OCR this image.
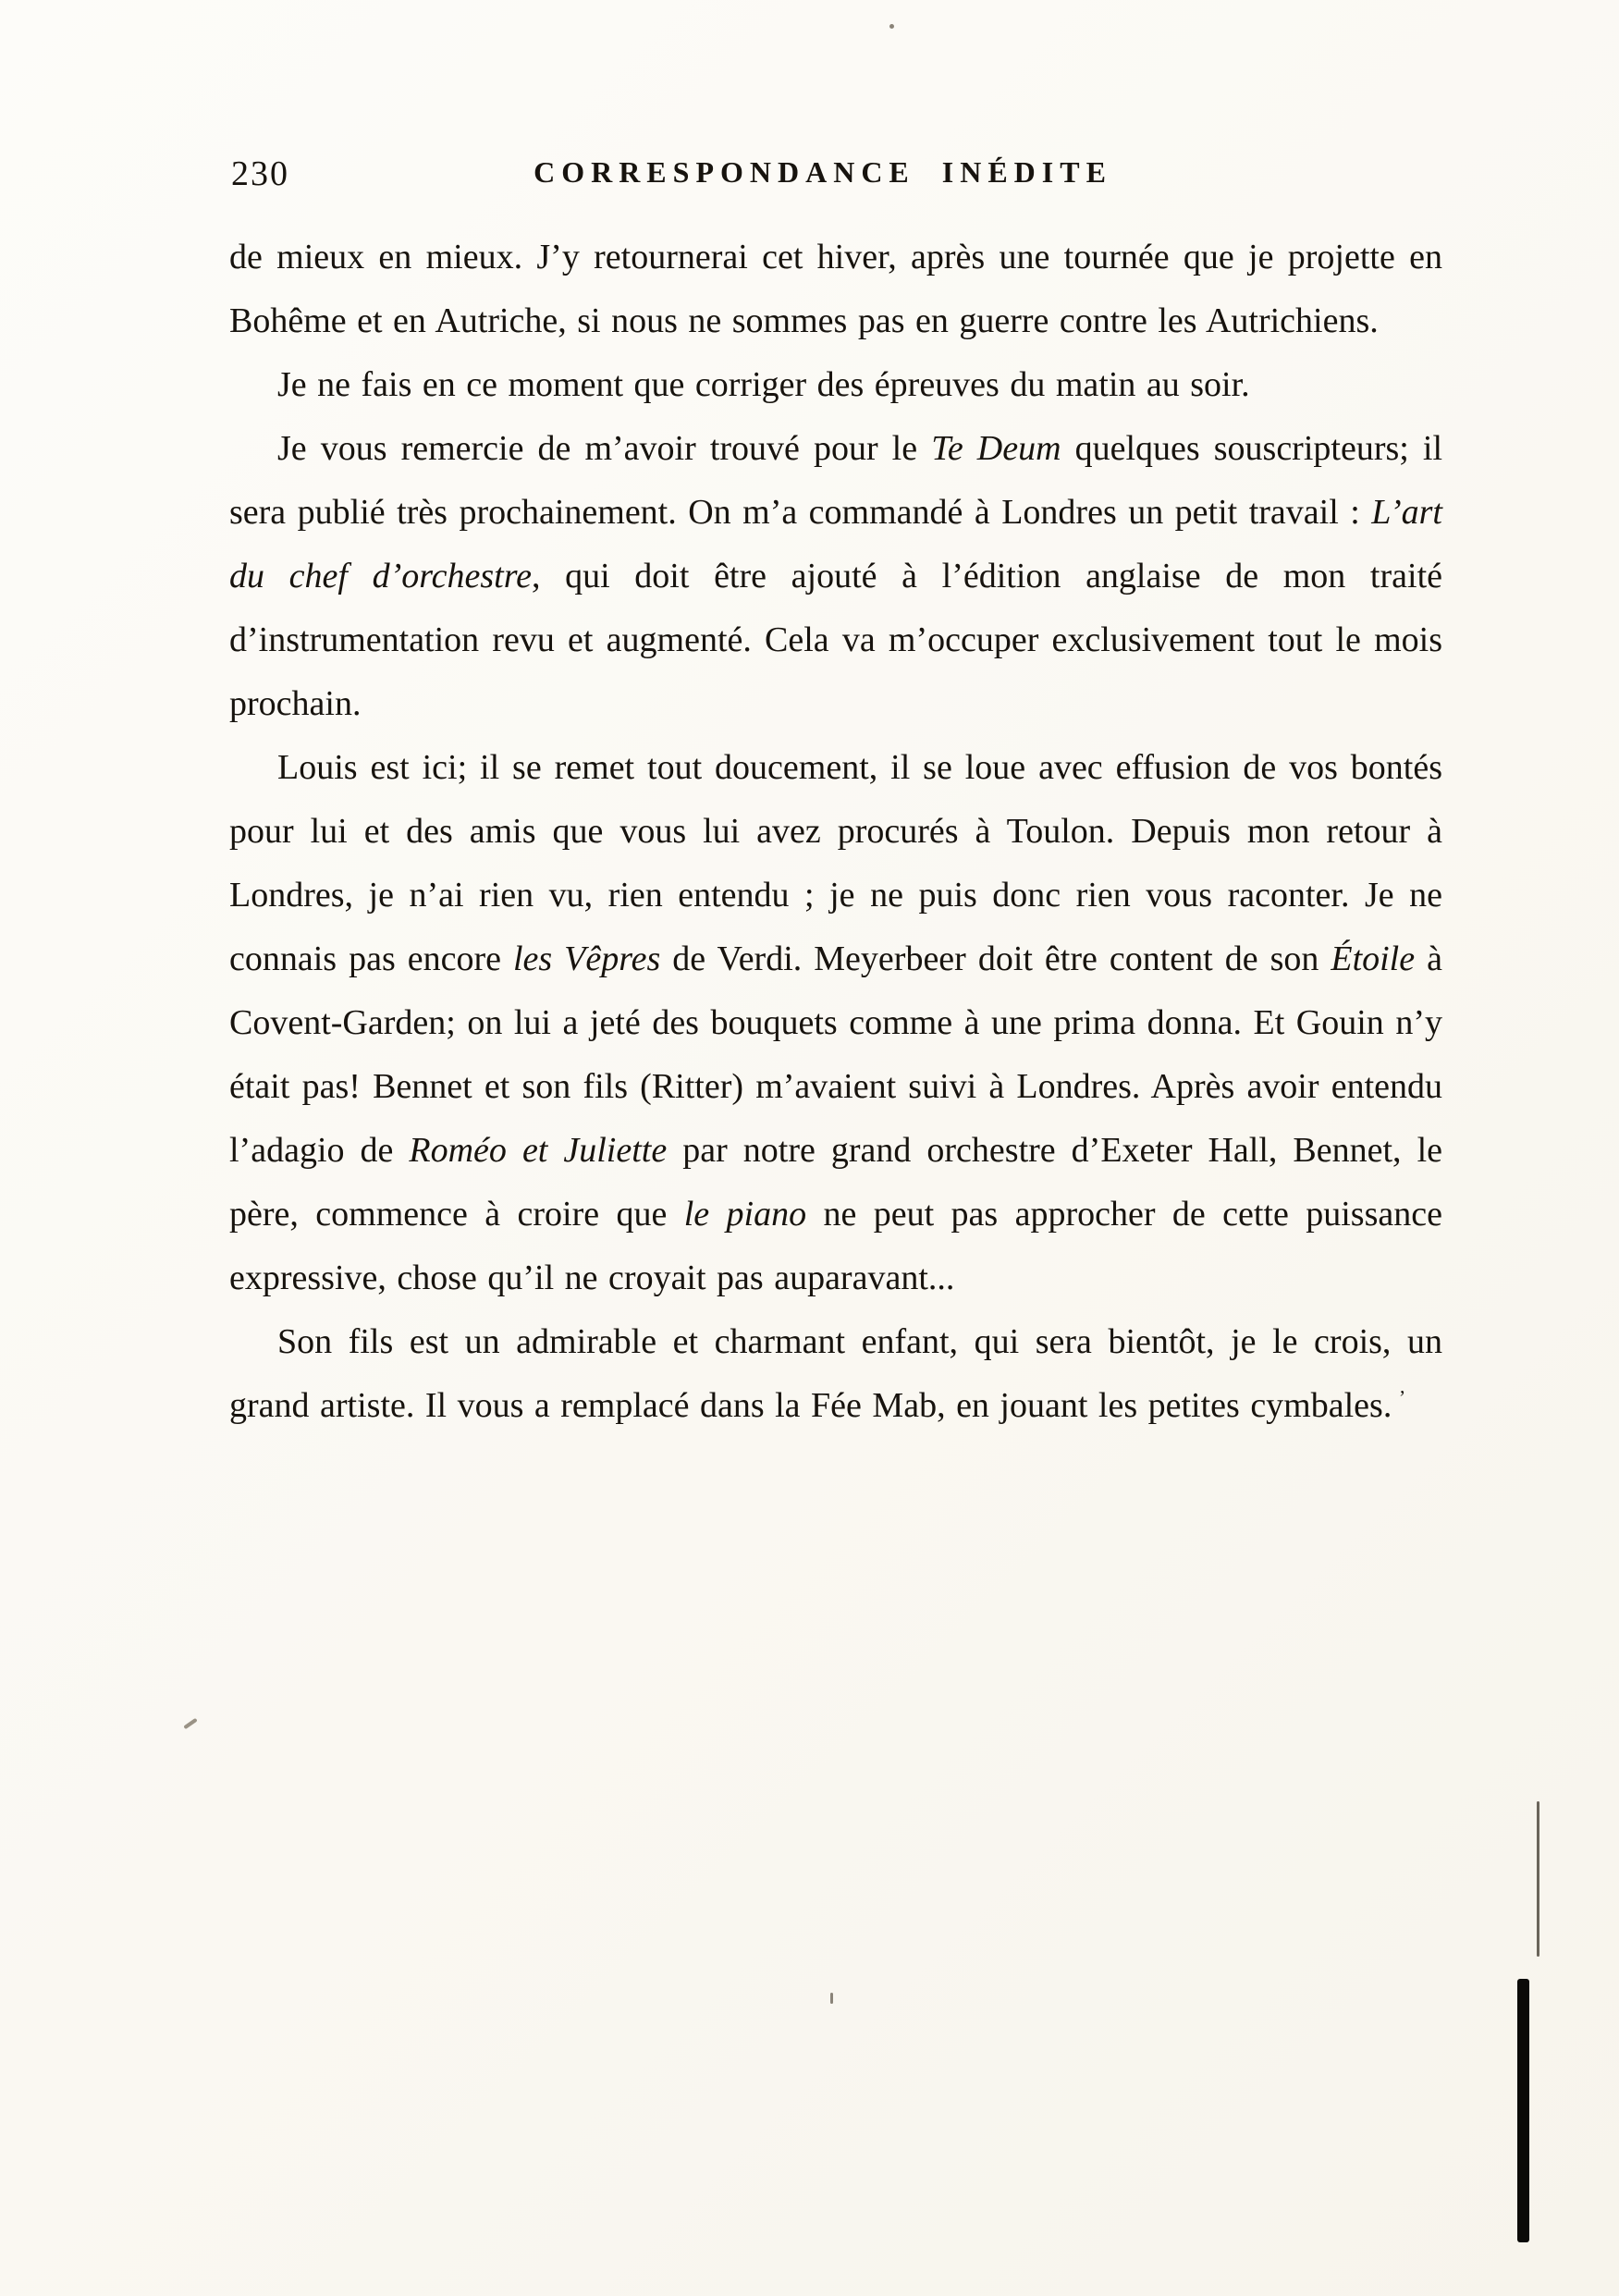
230	CORRESPONDANCE INÉDITE

de mieux en mieux. J’y retournerai cet hiver, après une tournée que je projette en Bohême et en Autriche, si nous ne sommes pas en guerre contre les Autrichiens.

Je ne fais en ce moment que corriger des épreuves du matin au soir.

Je vous remercie de m’avoir trouvé pour le Te Deum quelques souscripteurs; il sera publié très prochainement. On m’a commandé à Londres un petit travail : L’art du chef d’orchestre, qui doit être ajouté à l’édition anglaise de mon traité d’instrumentation revu et augmenté. Cela va m’occuper exclusivement tout le mois prochain.

Louis est ici; il se remet tout doucement, il se loue avec effusion de vos bontés pour lui et des amis que vous lui avez procurés à Toulon. Depuis mon retour à Londres, je n’ai rien vu, rien entendu ; je ne puis donc rien vous raconter. Je ne connais pas encore les Vêpres de Verdi. Meyerbeer doit être content de son Étoile à Covent-Garden; on lui a jeté des bouquets comme à une prima donna. Et Gouin n’y était pas! Bennet et son fils (Ritter) m’avaient suivi à Londres. Après avoir entendu l’adagio de Roméo et Juliette par notre grand orchestre d’Exeter Hall, Bennet, le père, commence à croire que le piano ne peut pas approcher de cette puissance expressive, chose qu’il ne croyait pas auparavant...

Son fils est un admirable et charmant enfant, qui sera bientôt, je le crois, un grand artiste. Il vous a remplacé dans la Fée Mab, en jouant les petites cymbales. ’
